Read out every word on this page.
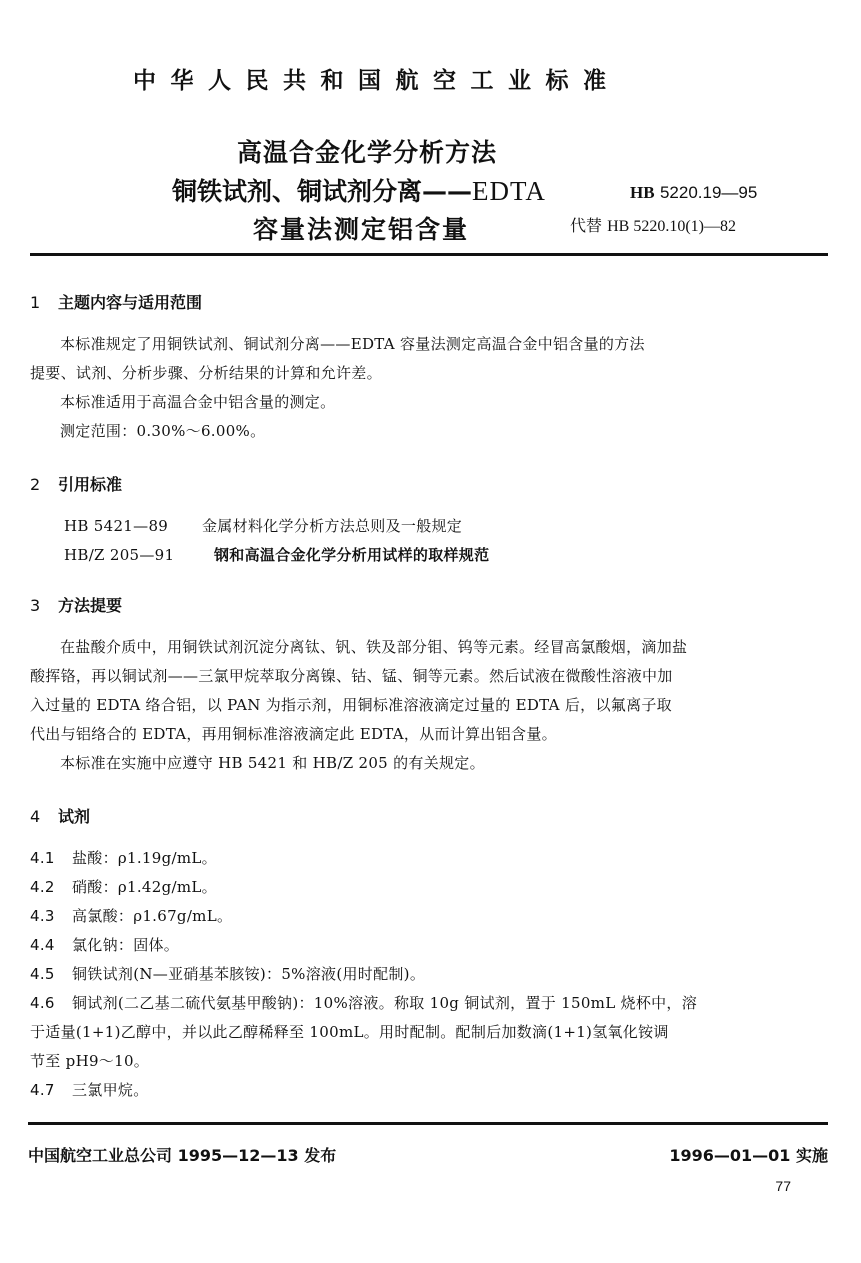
中华人民共和国航空工业标准
高温合金化学分析方法
铜铁试剂、铜试剂分离——EDTA
容量法测定铝含量
HB 5220.19—95
代替 HB 5220.10(1)—82
1 主题内容与适用范围
本标准规定了用铜铁试剂、铜试剂分离——EDTA 容量法测定高温合金中铝含量的方法
提要、试剂、分析步骤、分析结果的计算和允许差。
本标准适用于高温合金中铝含量的测定。
测定范围：0.30%～6.00%。
2 引用标准
HB 5421—89 金属材料化学分析方法总则及一般规定
HB/Z 205—91	钢和高温合金化学分析用试样的取样规范
3 方法提要
在盐酸介质中，用铜铁试剂沉淀分离钛、钒、铁及部分钼、钨等元素。经冒高氯酸烟，滴加盐
酸挥铬，再以铜试剂——三氯甲烷萃取分离镍、钴、锰、铜等元素。然后试液在微酸性溶液中加
入过量的 EDTA 络合铝，以 PAN 为指示剂，用铜标准溶液滴定过量的 EDTA 后，以氟离子取
代出与铝络合的 EDTA，再用铜标准溶液滴定此 EDTA，从而计算出铝含量。
本标准在实施中应遵守 HB 5421 和 HB/Z 205 的有关规定。
4 试剂
4.1 盐酸：ρ1.19g/mL。
4.2 硝酸：ρ1.42g/mL。
4.3 高氯酸：ρ1.67g/mL。
4.4 氯化钠：固体。
4.5 铜铁试剂(N—亚硝基苯胲铵)：5%溶液(用时配制)。
4.6 铜试剂(二乙基二硫代氨基甲酸钠)：10%溶液。称取 10g 铜试剂，置于 150mL 烧杯中，溶
于适量(1+1)乙醇中，并以此乙醇稀释至 100mL。用时配制。配制后加数滴(1+1)氢氧化铵调
节至 pH9～10。
4.7 三氯甲烷。
中国航空工业总公司 1995—12—13 发布	1996—01—01 实施
77
